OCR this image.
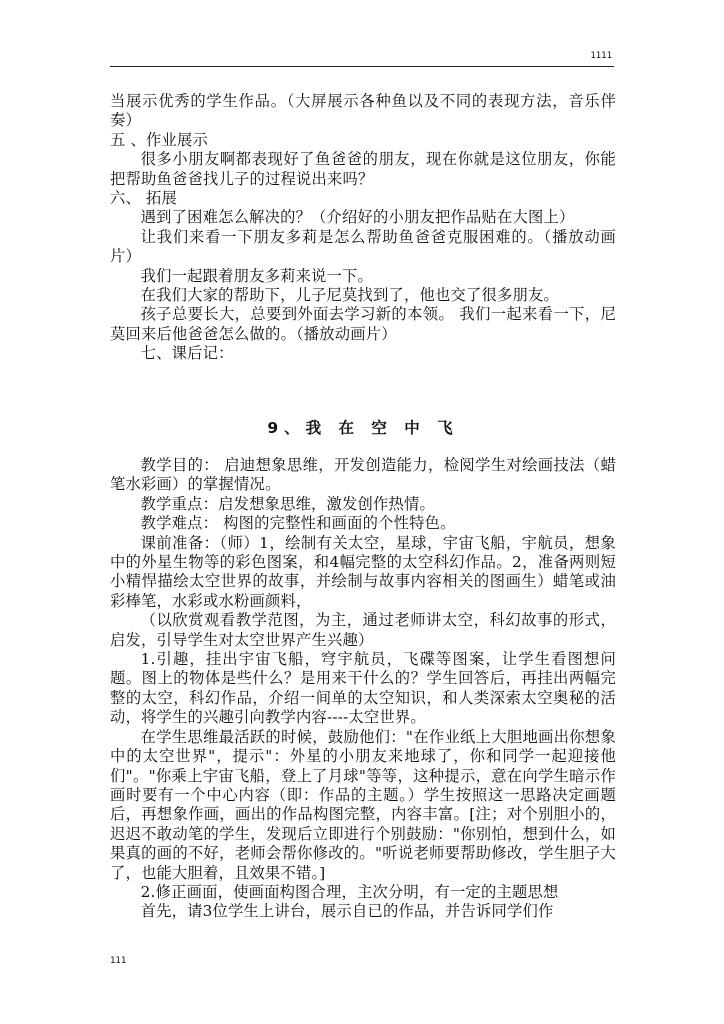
1111

当展示优秀的学生作品。（大屏展示各种鱼以及不同的表现方法，音乐伴奏）

五 、作业展示

很多小朋友啊都表现好了鱼爸爸的朋友，现在你就是这位朋友，你能把帮助鱼爸爸找儿子的过程说出来吗？

六、 拓展

遇到了困难怎么解决的？（介绍好的小朋友把作品贴在大图上）

让我们来看一下朋友多莉是怎么帮助鱼爸爸克服困难的。（播放动画片）

我们一起跟着朋友多莉来说一下。

在我们大家的帮助下，儿子尼莫找到了，他也交了很多朋友。

孩子总要长大，总要到外面去学习新的本领。 我们一起来看一下，尼莫回来后他爸爸怎么做的。（播放动画片）

七、课后记：

9、我 在 空 中 飞

教学目的： 启迪想象思维，开发创造能力，检阅学生对绘画技法（蜡笔水彩画）的掌握情况。

教学重点：启发想象思维，激发创作热情。

教学难点： 构图的完整性和画面的个性特色。

课前准备：（师）1，绘制有关太空，星球，宇宙飞船，宇航员，想象中的外星生物等的彩色图案，和4幅完整的太空科幻作品。2，准备两则短小精悍描绘太空世界的故事，并绘制与故事内容相关的图画生）蜡笔或油彩棒笔，水彩或水粉画颜料，

（以欣赏观看教学范图，为主，通过老师讲太空，科幻故事的形式，启发，引导学生对太空世界产生兴趣）

1.引趣，挂出宇宙飞船，穹宇航员，飞碟等图案，让学生看图想问题。图上的物体是些什么？是用来干什么的？学生回答后，再挂出两幅完整的太空，科幻作品，介绍一间单的太空知识，和人类深索太空奥秘的活动，将学生的兴趣引向教学内容----太空世界。

在学生思维最活跃的时候，鼓励他们："在作业纸上大胆地画出你想象中的太空世界"，提示"：外星的小朋友来地球了，你和同学一起迎接他们"。"你乘上宇宙飞船，登上了月球"等等，这种提示，意在向学生暗示作画时要有一个中心内容（即：作品的主题。）学生按照这一思路决定画题后，再想象作画，画出的作品构图完整，内容丰富。[注；对个别胆小的，迟迟不敢动笔的学生，发现后立即进行个别鼓励："你别怕，想到什么，如果真的画的不好，老师会帮你修改的。"听说老师要帮助修改，学生胆子大了，也能大胆着，且效果不错。]

2.修正画面，使画面构图合理，主次分明，有一定的主题思想

首先，请3位学生上讲台，展示自已的作品，并告诉同学们作

111
